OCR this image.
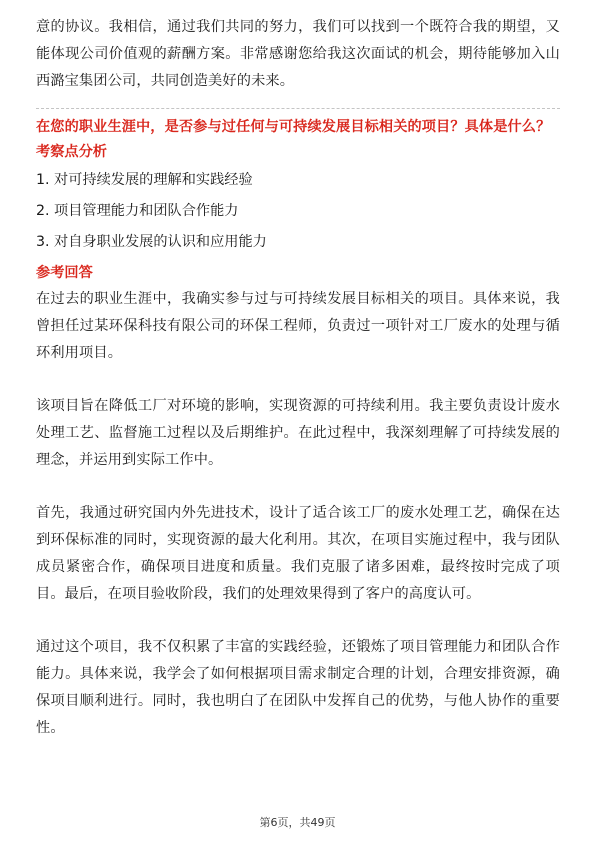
意的协议。我相信，通过我们共同的努力，我们可以找到一个既符合我的期望，又能体现公司价值观的薪酬方案。非常感谢您给我这次面试的机会，期待能够加入山西潞宝集团公司，共同创造美好的未来。

在您的职业生涯中，是否参与过任何与可持续发展目标相关的项目？具体是什么？
考察点分析
1. 对可持续发展的理解和实践经验
2. 项目管理能力和团队合作能力
3. 对自身职业发展的认识和应用能力
参考回答

在过去的职业生涯中，我确实参与过与可持续发展目标相关的项目。具体来说，我曾担任过某环保科技有限公司的环保工程师，负责过一项针对工厂废水的处理与循环利用项目。

该项目旨在降低工厂对环境的影响，实现资源的可持续利用。我主要负责设计废水处理工艺、监督施工过程以及后期维护。在此过程中，我深刻理解了可持续发展的理念，并运用到实际工作中。

首先，我通过研究国内外先进技术，设计了适合该工厂的废水处理工艺，确保在达到环保标准的同时，实现资源的最大化利用。其次，在项目实施过程中，我与团队成员紧密合作，确保项目进度和质量。我们克服了诸多困难，最终按时完成了项目。最后，在项目验收阶段，我们的处理效果得到了客户的高度认可。

通过这个项目，我不仅积累了丰富的实践经验，还锻炼了项目管理能力和团队合作能力。具体来说，我学会了如何根据项目需求制定合理的计划，合理安排资源，确保项目顺利进行。同时，我也明白了在团队中发挥自己的优势，与他人协作的重要性。

第6页，共49页
